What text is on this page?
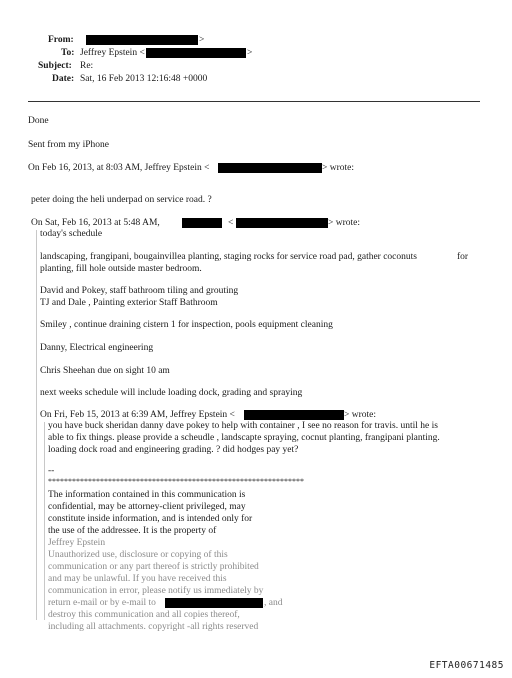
From:	>
To: Jeffrey Epstein <	>
Subject: Re:
Date: Sat, 16 Feb 2013 12:16:48 +0000
Done
Sent from my iPhone
On Feb 16, 2013, at 8:03 AM, Jeffrey Epstein <	> wrote:
peter doing the heli underpad on service road. ?
On Sat, Feb 16, 2013 at 5:48 AM,	<	> wrote:
today's schedule
landscaping, frangipani, bougainvillea planting, staging rocks for service road pad, gather coconuts	for
planting, fill hole outside master bedroom.
David and Pokey, staff bathroom tiling and grouting
TJ and Dale , Painting exterior Staff Bathroom
Smiley , continue draining cistern 1 for inspection, pools equipment cleaning
Danny, Electrical engineering
Chris Sheehan due on sight 10 am
next weeks schedule will include loading dock, grading and spraying
On Fri, Feb 15, 2013 at 6:39 AM, Jeffrey Epstein <	> wrote:
you have buck sheridan danny dave pokey to help with container , I see no reason for travis. until he is
able to fix things. please provide a scheudle , landscapte spraying, cocnut planting, frangipani planting.
loading dock road and engineering grading. ? did hodges pay yet?
--
****************************************************************
The information contained in this communication is
confidential, may be attorney-client privileged, may
constitute inside information, and is intended only for
the use of the addressee. It is the property of
Jeffrey Epstein
Unauthorized use, disclosure or copying of this
communication or any part thereof is strictly prohibited
and may be unlawful. If you have received this
communication in error, please notify us immediately by
return e-mail or by e-mail to	, and
destroy this communication and all copies thereof,
including all attachments. copyright -all rights reserved
EFTA00671485
